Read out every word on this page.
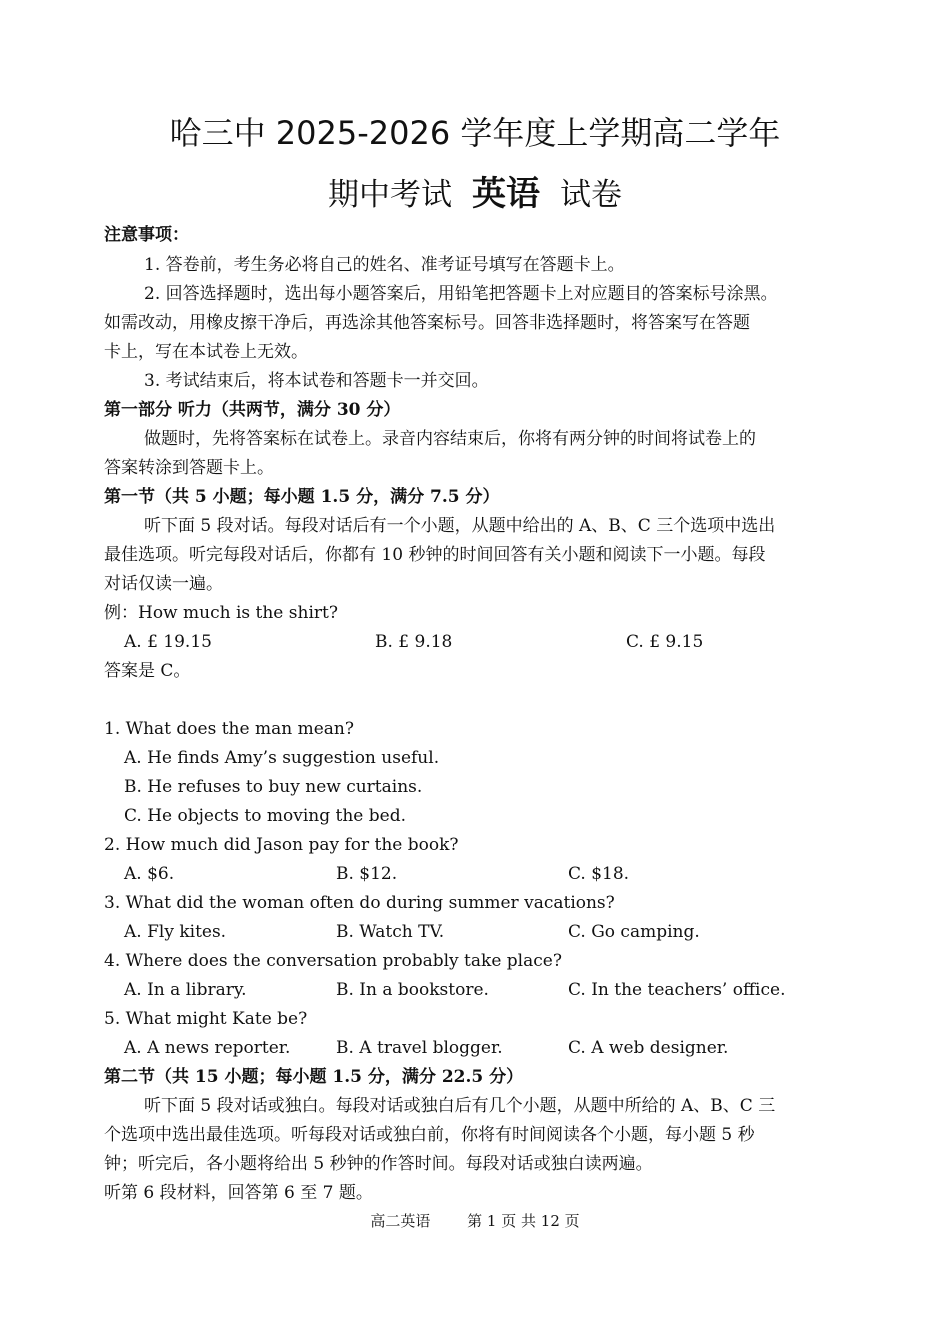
哈三中 2025-2026 学年度上学期高二学年
期中考试 英语 试卷
注意事项：
1. 答卷前，考生务必将自己的姓名、准考证号填写在答题卡上。
2. 回答选择题时，选出每小题答案后，用铅笔把答题卡上对应题目的答案标号涂黑。
如需改动，用橡皮擦干净后，再选涂其他答案标号。回答非选择题时，将答案写在答题
卡上，写在本试卷上无效。
3. 考试结束后，将本试卷和答题卡一并交回。
第一部分 听力（共两节，满分 30 分）
做题时，先将答案标在试卷上。录音内容结束后，你将有两分钟的时间将试卷上的
答案转涂到答题卡上。
第一节（共 5 小题；每小题 1.5 分，满分 7.5 分）
听下面 5 段对话。每段对话后有一个小题，从题中给出的 A、B、C 三个选项中选出
最佳选项。听完每段对话后，你都有 10 秒钟的时间回答有关小题和阅读下一小题。每段
对话仅读一遍。
例：How much is the shirt?
A. £ 19.15	B. £ 9.18	C. £ 9.15
答案是 C。
1. What does the man mean?
A. He finds Amy’s suggestion useful.
B. He refuses to buy new curtains.
C. He objects to moving the bed.
2. How much did Jason pay for the book?
A. $6.	B. $12.	C. $18.
3. What did the woman often do during summer vacations?
A. Fly kites.	B. Watch TV.	C. Go camping.
4. Where does the conversation probably take place?
A. In a library.	B. In a bookstore.	C. In the teachers’ office.
5. What might Kate be?
A. A news reporter.	B. A travel blogger.	C. A web designer.
第二节（共 15 小题；每小题 1.5 分，满分 22.5 分）
听下面 5 段对话或独白。每段对话或独白后有几个小题，从题中所给的 A、B、C 三
个选项中选出最佳选项。听每段对话或独白前，你将有时间阅读各个小题，每小题 5 秒
钟；听完后，各小题将给出 5 秒钟的作答时间。每段对话或独白读两遍。
听第 6 段材料，回答第 6 至 7 题。
高二英语 第 1 页 共 12 页
